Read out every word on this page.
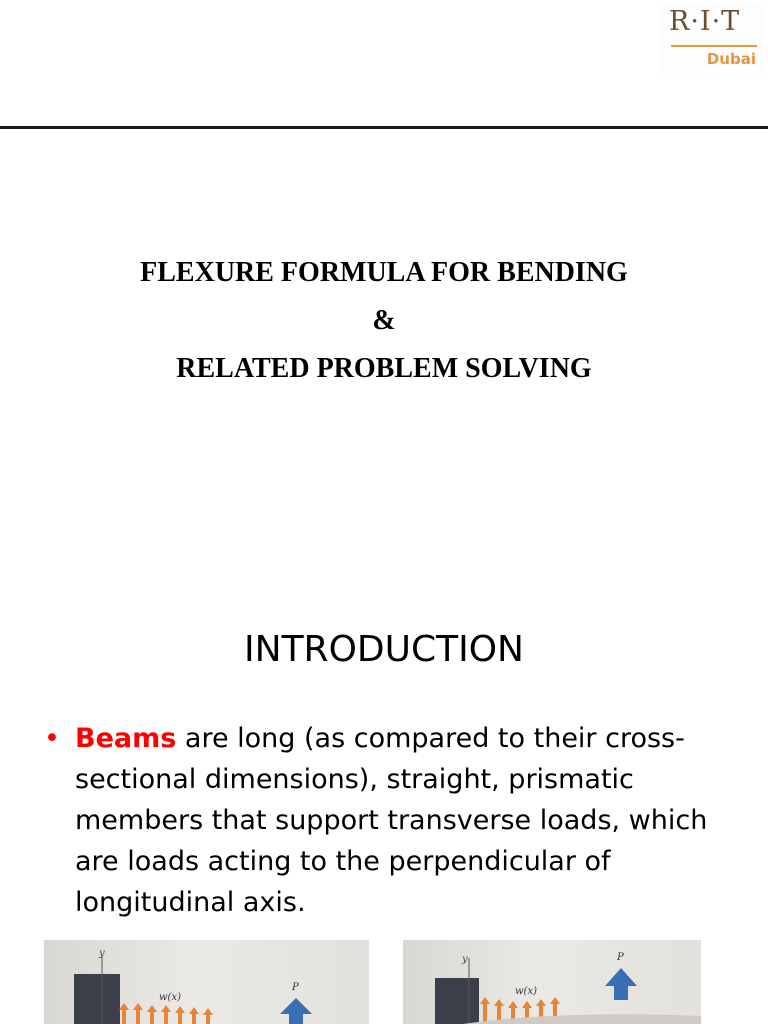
R·I·T
Dubai
FLEXURE FORMULA FOR BENDING
&
RELATED PROBLEM SOLVING
INTRODUCTION
• Beams are long (as compared to their cross-sectional dimensions), straight, prismatic members that support transverse loads, which are loads acting to the perpendicular of longitudinal axis.
y
w(x)
P
y
w(x)
P
